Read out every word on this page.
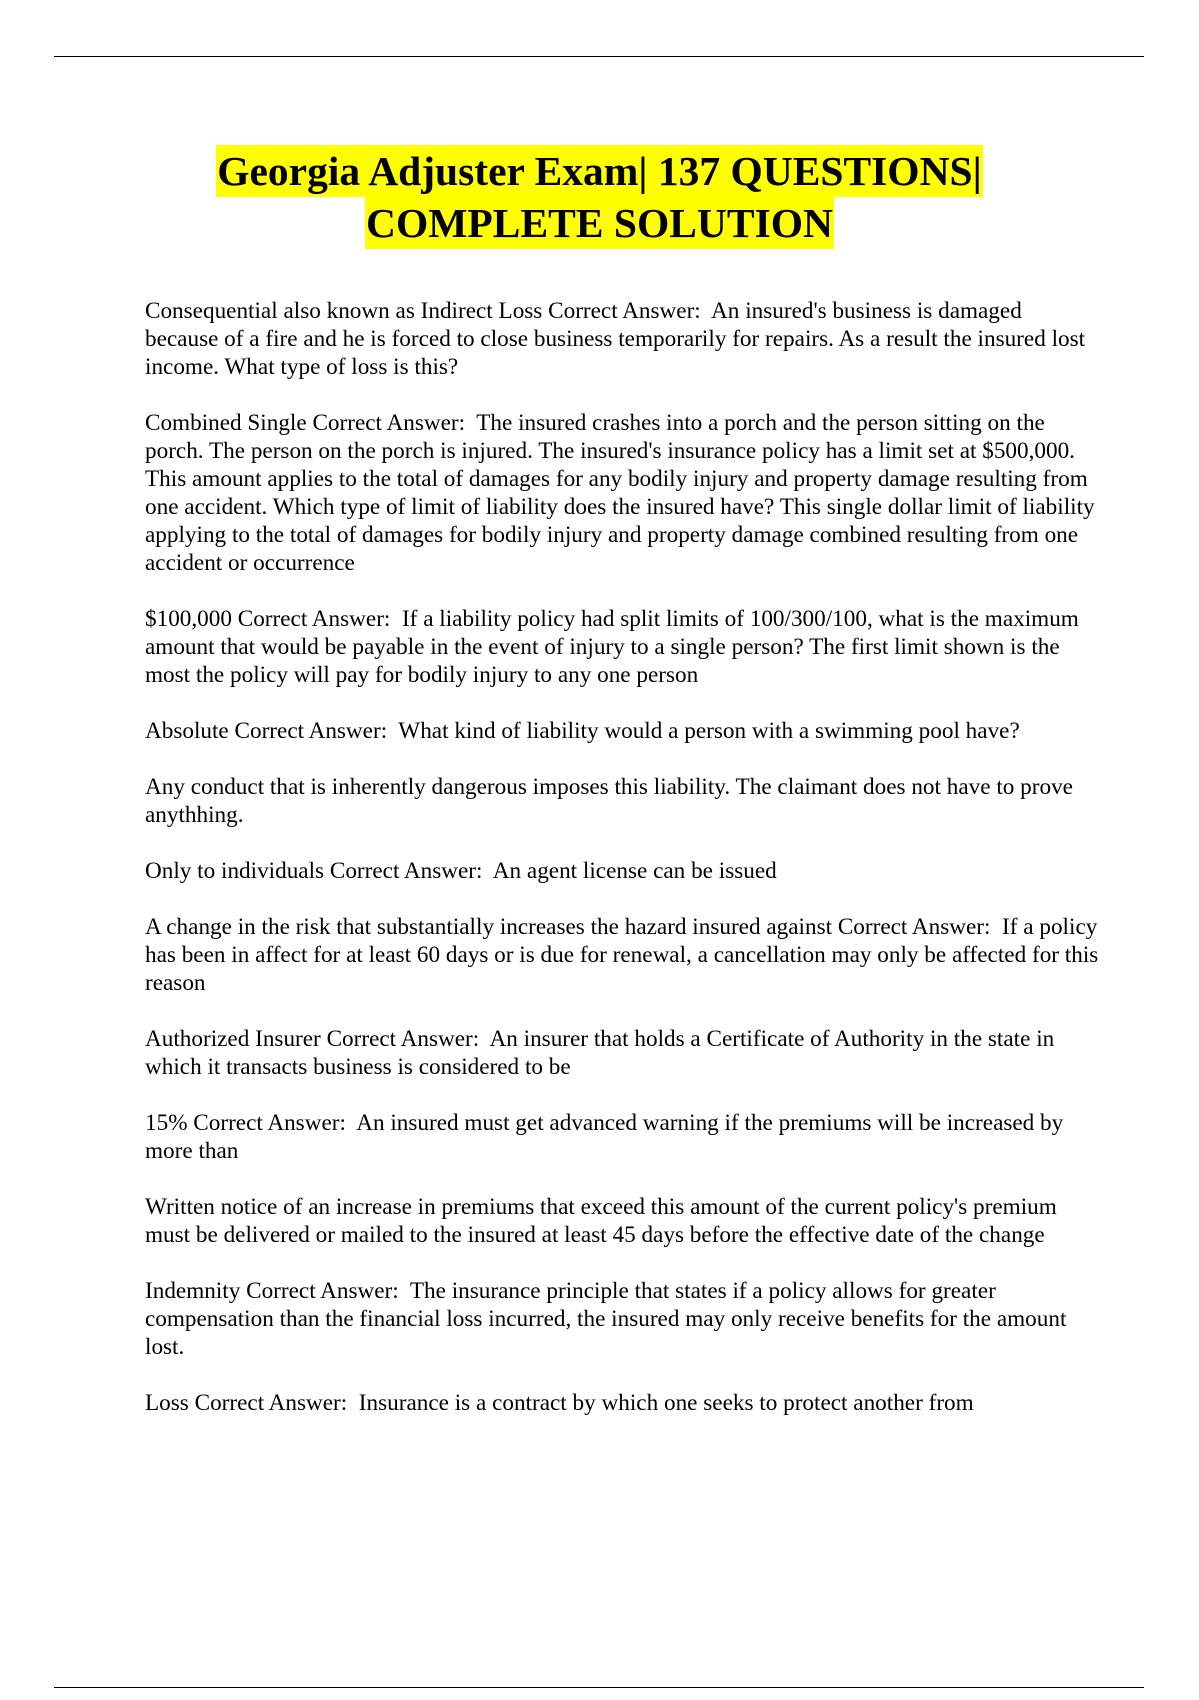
Georgia Adjuster Exam| 137 QUESTIONS|
COMPLETE SOLUTION

Consequential also known as Indirect Loss Correct Answer:  An insured's business is damaged because of a fire and he is forced to close business temporarily for repairs. As a result the insured lost income. What type of loss is this?

Combined Single Correct Answer:  The insured crashes into a porch and the person sitting on the porch. The person on the porch is injured. The insured's insurance policy has a limit set at $500,000. This amount applies to the total of damages for any bodily injury and property damage resulting from one accident. Which type of limit of liability does the insured have? This single dollar limit of liability applying to the total of damages for bodily injury and property damage combined resulting from one accident or occurrence

$100,000 Correct Answer:  If a liability policy had split limits of 100/300/100, what is the maximum amount that would be payable in the event of injury to a single person? The first limit shown is the most the policy will pay for bodily injury to any one person

Absolute Correct Answer:  What kind of liability would a person with a swimming pool have?

Any conduct that is inherently dangerous imposes this liability. The claimant does not have to prove anythhing.

Only to individuals Correct Answer:  An agent license can be issued

A change in the risk that substantially increases the hazard insured against Correct Answer:  If a policy has been in affect for at least 60 days or is due for renewal, a cancellation may only be affected for this reason

Authorized Insurer Correct Answer:  An insurer that holds a Certificate of Authority in the state in which it transacts business is considered to be

15% Correct Answer:  An insured must get advanced warning if the premiums will be increased by more than

Written notice of an increase in premiums that exceed this amount of the current policy's premium must be delivered or mailed to the insured at least 45 days before the effective date of the change

Indemnity Correct Answer:  The insurance principle that states if a policy allows for greater compensation than the financial loss incurred, the insured may only receive benefits for the amount lost.

Loss Correct Answer:  Insurance is a contract by which one seeks to protect another from
